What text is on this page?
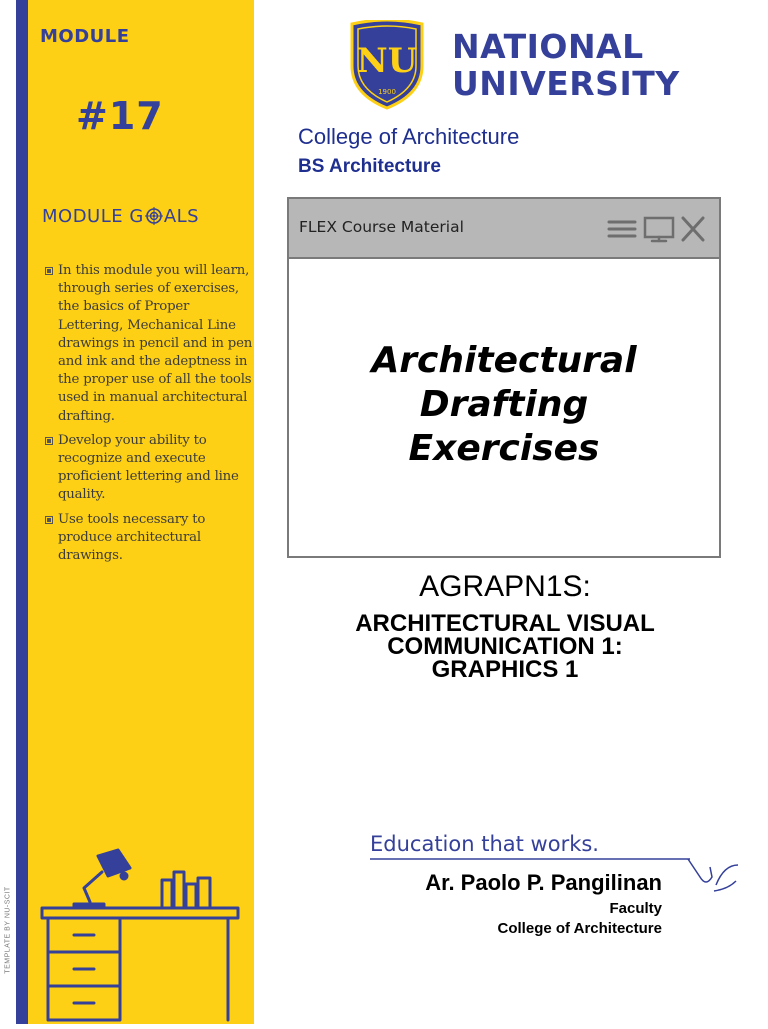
TEMPLATE BY NU-SCIT
MODULE
#17
MODULE G ALS
In this module you will learn, through series of exercises, the basics of Proper Lettering, Mechanical Line drawings in pencil and in pen and ink and the adeptness in the proper use of all the tools used in manual architectural drafting.
Develop your ability to recognize and execute proficient lettering and line quality.
Use tools necessary to produce architectural drawings.
NU
1900
NATIONAL
UNIVERSITY
College of Architecture
BS Architecture
FLEX Course Material
Architectural
Drafting
Exercises
AGRAPN1S:
ARCHITECTURAL VISUAL
COMMUNICATION 1:
GRAPHICS 1
Education that works.
Ar. Paolo P. Pangilinan
Faculty
College of Architecture
